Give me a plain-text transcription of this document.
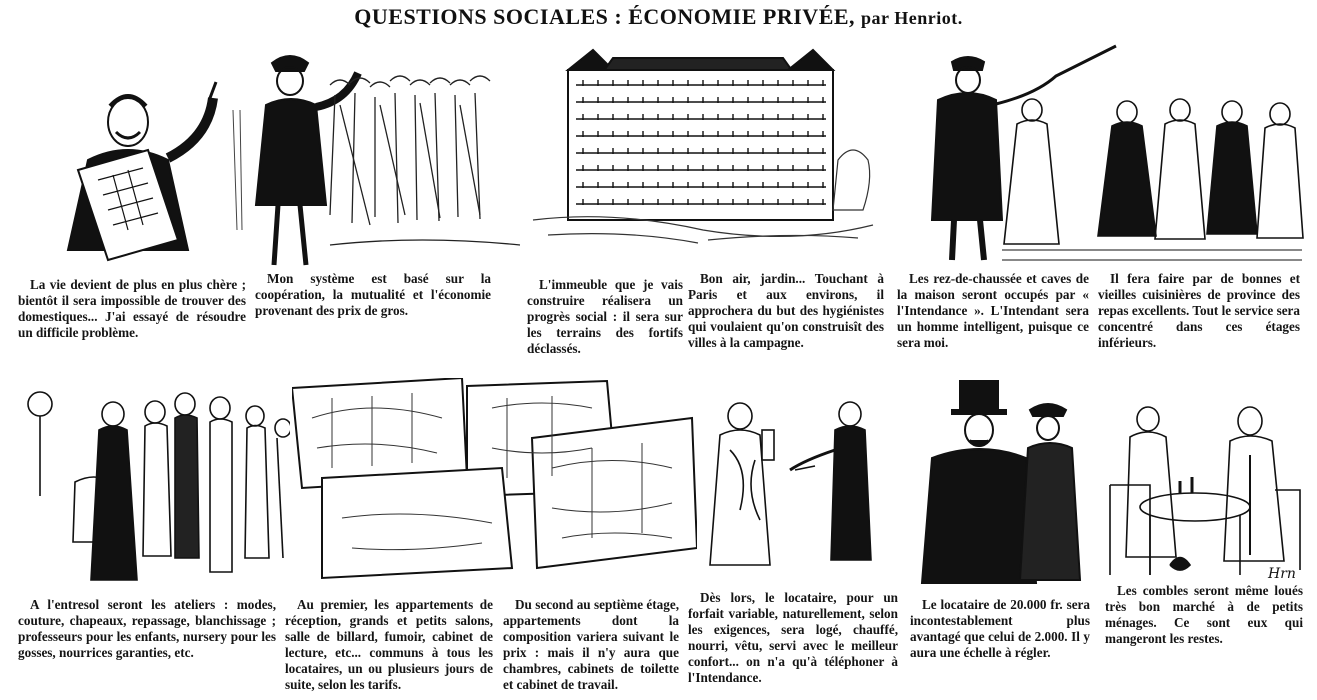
QUESTIONS SOCIALES : ÉCONOMIE PRIVÉE, par Henriot.
La vie devient de plus en plus chère ; bientôt il sera impossible de trouver des domestiques... J'ai essayé de résoudre un difficile problème.
Mon système est basé sur la coopération, la mutualité et l'économie provenant des prix de gros.
L'immeuble que je vais construire réalisera un progrès social : il sera sur les terrains des fortifs déclassés.
Bon air, jardin... Touchant à Paris et aux environs, il approchera du but des hygiénistes qui voulaient qu'on construisît des villes à la campagne.
Les rez-de-chaussée et caves de la maison seront occupés par « l'Intendance ». L'Intendant sera un homme intelligent, puisque ce sera moi.
Il fera faire par de bonnes et vieilles cuisinières de province des repas excellents. Tout le service sera concentré dans ces étages inférieurs.
A l'entresol seront les ateliers : modes, couture, chapeaux, repassage, blanchissage ; professeurs pour les enfants, nursery pour les gosses, nourrices garanties, etc.
Au premier, les appartements de réception, grands et petits salons, salle de billard, fumoir, cabinet de lecture, etc... communs à tous les locataires, un ou plusieurs jours de suite, selon les tarifs.
Du second au septième étage, appartements dont la composition variera suivant le prix : mais il n'y aura que chambres, cabinets de toilette et cabinet de travail.
Dès lors, le locataire, pour un forfait variable, naturellement, selon les exigences, sera logé, chauffé, nourri, vêtu, servi avec le meilleur confort... on n'a qu'à téléphoner à l'Intendance.
Le locataire de 20.000 fr. sera incontestablement plus avantagé que celui de 2.000. Il y aura une échelle à régler.
Les combles seront même loués très bon marché à de petits ménages. Ce sont eux qui mangeront les restes.
Hrn
